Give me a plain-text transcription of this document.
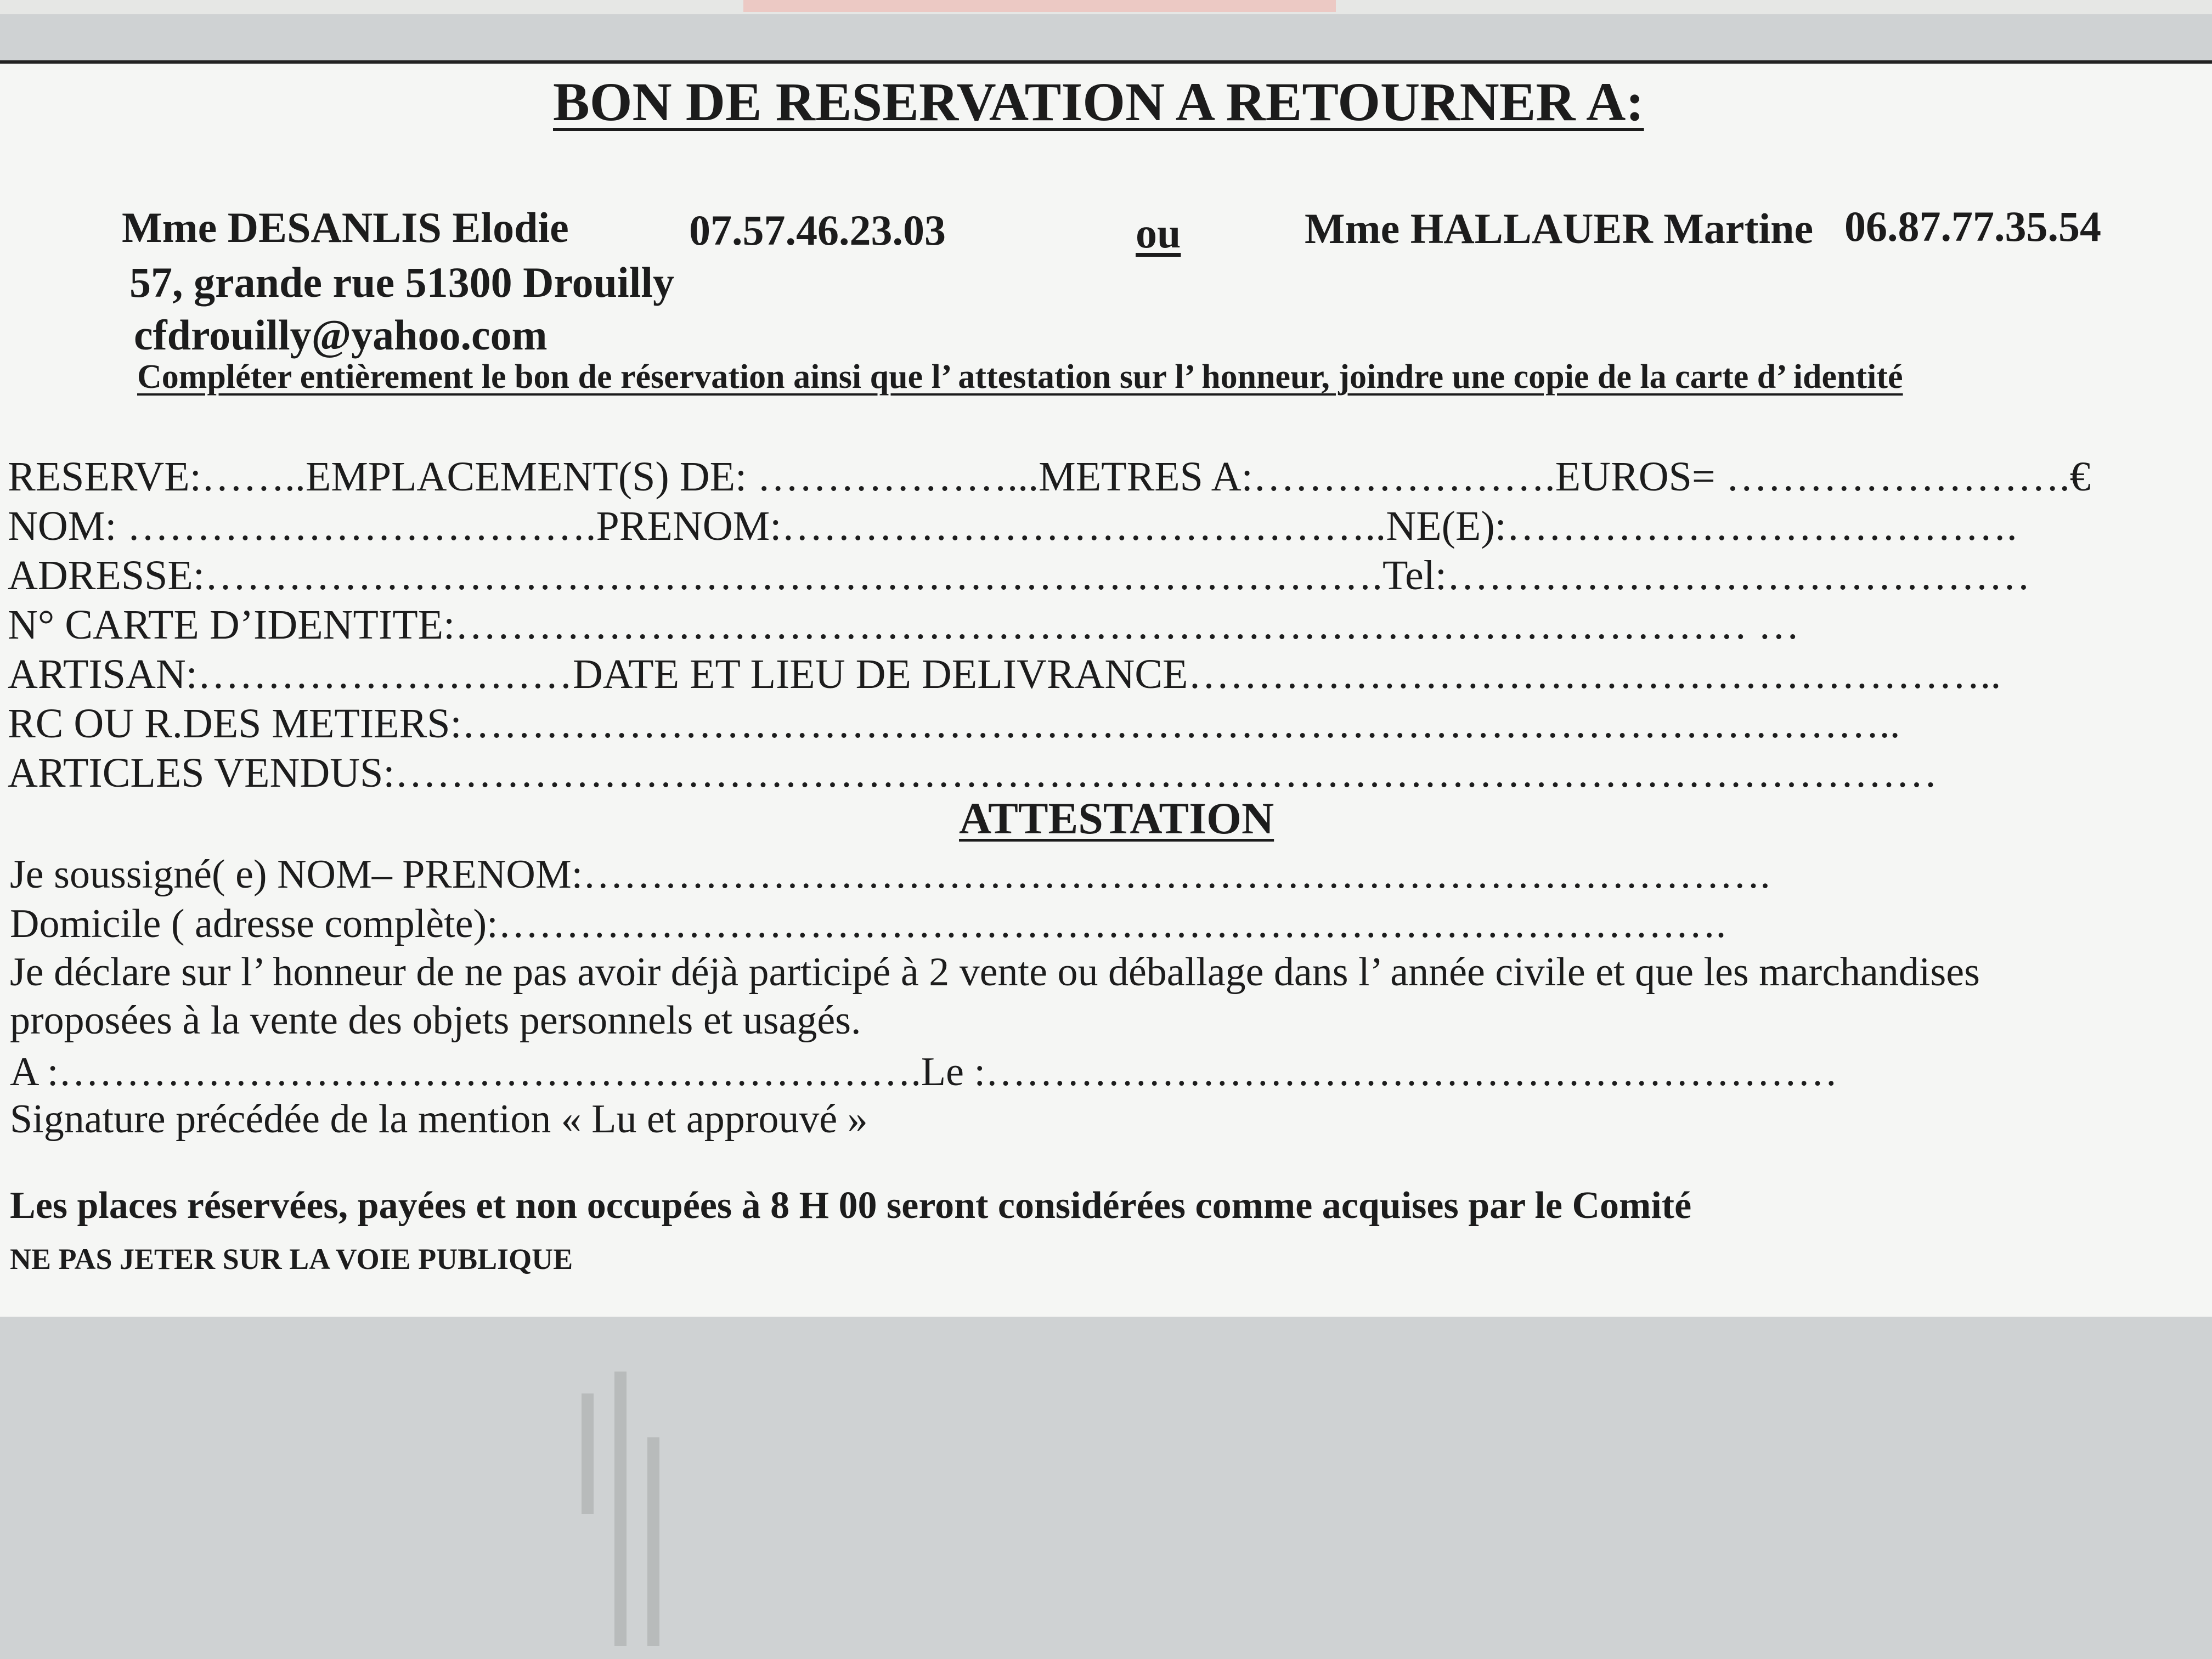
BON DE RESERVATION A RETOURNER A:
Mme DESANLIS Elodie	07.57.46.23.03	ou	Mme HALLAUER Martine 06.87.77.35.54
57, grande rue 51300 Drouilly
cfdrouilly@yahoo.com
Compléter entièrement le bon de réservation ainsi que l’ attestation sur l’ honneur, joindre une copie de la carte d’ identité
RESERVE:……..EMPLACEMENT(S) DE: ………………...METRES A:………………….EUROS= …………………….€
NOM: …………………………….PRENOM:……………………………………..NE(E):……………………………….
ADRESSE:………………………………………………………………………….Tel:……………………………………
N° CARTE D’IDENTITE:………………………………………………………………………………… …
ARTISAN:………………………DATE ET LIEU DE DELIVRANCE…………………………………………………..
RC OU R.DES METIERS:…………………………………………………………………………………………..
ARTICLES VENDUS:…………………………………………………………………………………………………
ATTESTATION
Je soussigné( e) NOM– PRENOM:…………………………………………………………………………….
Domicile ( adresse complète):……………………………………………………………………………….
Je déclare sur l’ honneur de ne pas avoir déjà participé à 2 vente ou déballage dans l’ année civile et que les marchandises
proposées à la vente des objets personnels et usagés.
A :……………………………………………………….Le :………………………………………………………
Signature précédée de la mention « Lu et approuvé »
Les places réservées, payées et non occupées à 8 H 00 seront considérées comme acquises par le Comité
NE PAS JETER SUR LA VOIE PUBLIQUE
